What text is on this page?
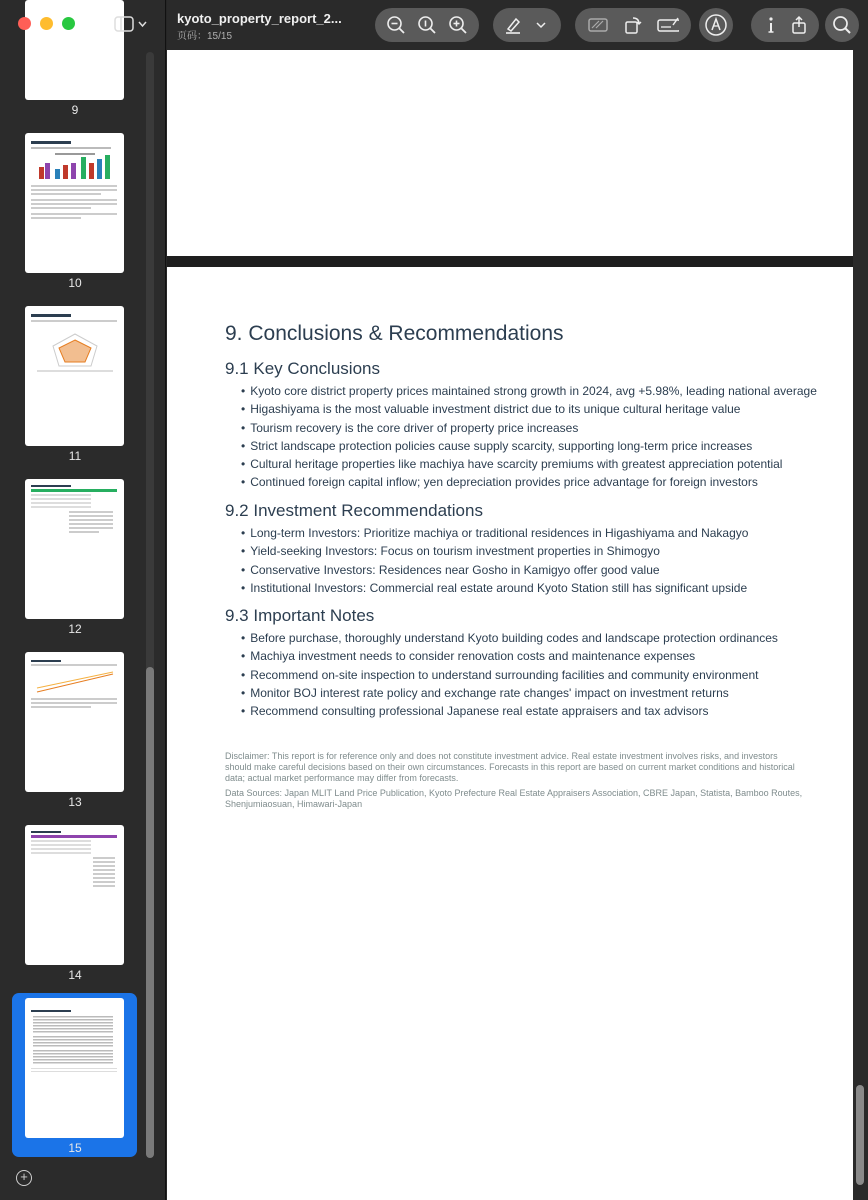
9
10
11
12
13
14
15
+
kyoto_property_report_2...
页码：15/15
9. Conclusions & Recommendations
9.1 Key Conclusions
• Kyoto core district property prices maintained strong growth in 2024, avg +5.98%, leading national average
• Higashiyama is the most valuable investment district due to its unique cultural heritage value
• Tourism recovery is the core driver of property price increases
• Strict landscape protection policies cause supply scarcity, supporting long-term price increases
• Cultural heritage properties like machiya have scarcity premiums with greatest appreciation potential
• Continued foreign capital inflow; yen depreciation provides price advantage for foreign investors
9.2 Investment Recommendations
• Long-term Investors: Prioritize machiya or traditional residences in Higashiyama and Nakagyo
• Yield-seeking Investors: Focus on tourism investment properties in Shimogyo
• Conservative Investors: Residences near Gosho in Kamigyo offer good value
• Institutional Investors: Commercial real estate around Kyoto Station still has significant upside
9.3 Important Notes
• Before purchase, thoroughly understand Kyoto building codes and landscape protection ordinances
• Machiya investment needs to consider renovation costs and maintenance expenses
• Recommend on-site inspection to understand surrounding facilities and community environment
• Monitor BOJ interest rate policy and exchange rate changes' impact on investment returns
• Recommend consulting professional Japanese real estate appraisers and tax advisors
Disclaimer: This report is for reference only and does not constitute investment advice. Real estate investment involves risks, and investors should make careful decisions based on their own circumstances. Forecasts in this report are based on current market conditions and historical data; actual market performance may differ from forecasts.
Data Sources: Japan MLIT Land Price Publication, Kyoto Prefecture Real Estate Appraisers Association, CBRE Japan, Statista, Bamboo Routes, Shenjumiaosuan, Himawari-Japan
